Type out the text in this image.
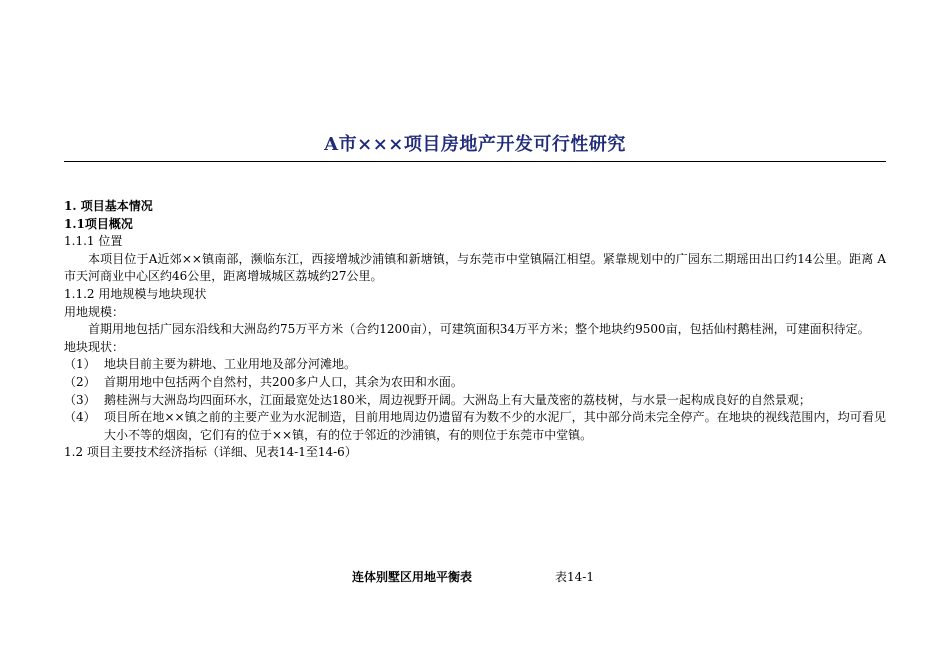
A市×××项目房地产开发可行性研究

1. 项目基本情况

1.1项目概况

1.1.1 位置

本项目位于A近郊××镇南部，濒临东江，西接增城沙浦镇和新塘镇，与东莞市中堂镇隔江相望。紧靠规划中的广园东二期瑶田出口约14公里。距离 A市天河商业中心区约46公里，距离增城城区荔城约27公里。

1.1.2 用地规模与地块现状

用地规模：

首期用地包括广园东沿线和大洲岛约75万平方米（合约1200亩），可建筑面积34万平方米；整个地块约9500亩，包括仙村鹅桂洲，可建面积待定。

地块现状：

（1） 地块目前主要为耕地、工业用地及部分河滩地。
（2） 首期用地中包括两个自然村，共200多户人口，其余为农田和水面。
（3） 鹅桂洲与大洲岛均四面环水，江面最宽处达180米，周边视野开阔。大洲岛上有大量茂密的荔枝树，与水景一起构成良好的自然景观；
（4） 项目所在地××镇之前的主要产业为水泥制造，目前用地周边仍遗留有为数不少的水泥厂，其中部分尚未完全停产。在地块的视线范围内，均可看见大小不等的烟囱，它们有的位于××镇，有的位于邻近的沙浦镇，有的则位于东莞市中堂镇。

1.2 项目主要技术经济指标（详细、见表14-1至14-6）

连体别墅区用地平衡表	表14-1
